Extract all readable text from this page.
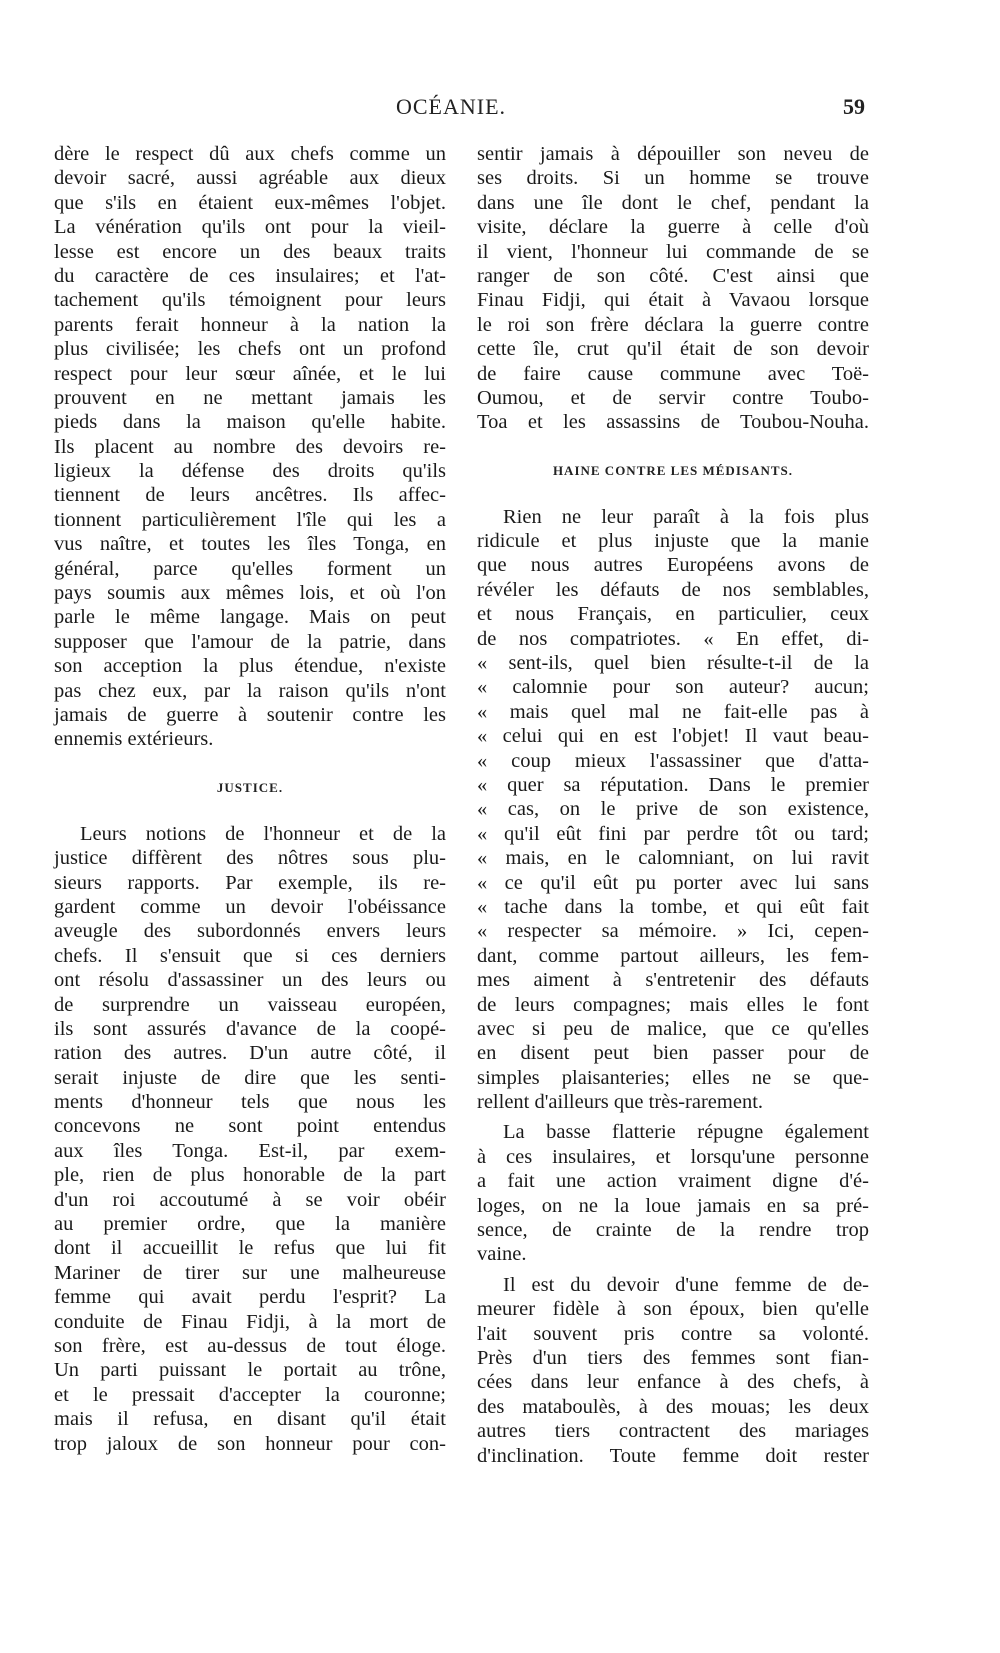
OCÉANIE.	59
dère le respect dû aux chefs comme un
devoir sacré, aussi agréable aux dieux
que s'ils en étaient eux-mêmes l'objet.
La vénération qu'ils ont pour la vieil-
lesse est encore un des beaux traits
du caractère de ces insulaires; et l'at-
tachement qu'ils témoignent pour leurs
parents ferait honneur à la nation la
plus civilisée; les chefs ont un profond
respect pour leur sœur aînée, et le lui
prouvent en ne mettant jamais les
pieds dans la maison qu'elle habite.
Ils placent au nombre des devoirs re-
ligieux la défense des droits qu'ils
tiennent de leurs ancêtres. Ils affec-
tionnent particulièrement l'île qui les a
vus naître, et toutes les îles Tonga, en
général, parce qu'elles forment un
pays soumis aux mêmes lois, et où l'on
parle le même langage. Mais on peut
supposer que l'amour de la patrie, dans
son acception la plus étendue, n'existe
pas chez eux, par la raison qu'ils n'ont
jamais de guerre à soutenir contre les
ennemis extérieurs.
JUSTICE.
Leurs notions de l'honneur et de la
justice diffèrent des nôtres sous plu-
sieurs rapports. Par exemple, ils re-
gardent comme un devoir l'obéissance
aveugle des subordonnés envers leurs
chefs. Il s'ensuit que si ces derniers
ont résolu d'assassiner un des leurs ou
de surprendre un vaisseau européen,
ils sont assurés d'avance de la coopé-
ration des autres. D'un autre côté, il
serait injuste de dire que les senti-
ments d'honneur tels que nous les
concevons ne sont point entendus
aux îles Tonga. Est-il, par exem-
ple, rien de plus honorable de la part
d'un roi accoutumé à se voir obéir
au premier ordre, que la manière
dont il accueillit le refus que lui fit
Mariner de tirer sur une malheureuse
femme qui avait perdu l'esprit? La
conduite de Finau Fidji, à la mort de
son frère, est au-dessus de tout éloge.
Un parti puissant le portait au trône,
et le pressait d'accepter la couronne;
mais il refusa, en disant qu'il était
trop jaloux de son honneur pour con-
sentir jamais à dépouiller son neveu de
ses droits. Si un homme se trouve
dans une île dont le chef, pendant la
visite, déclare la guerre à celle d'où
il vient, l'honneur lui commande de se
ranger de son côté. C'est ainsi que
Finau Fidji, qui était à Vavaou lorsque
le roi son frère déclara la guerre contre
cette île, crut qu'il était de son devoir
de faire cause commune avec Toë-
Oumou, et de servir contre Toubo-
Toa et les assassins de Toubou-Nouha.
HAINE CONTRE LES MÉDISANTS.
Rien ne leur paraît à la fois plus
ridicule et plus injuste que la manie
que nous autres Européens avons de
révéler les défauts de nos semblables,
et nous Français, en particulier, ceux
de nos compatriotes. « En effet, di-
« sent-ils, quel bien résulte-t-il de la
« calomnie pour son auteur? aucun;
« mais quel mal ne fait-elle pas à
« celui qui en est l'objet! Il vaut beau-
« coup mieux l'assassiner que d'atta-
« quer sa réputation. Dans le premier
« cas, on le prive de son existence,
« qu'il eût fini par perdre tôt ou tard;
« mais, en le calomniant, on lui ravit
« ce qu'il eût pu porter avec lui sans
« tache dans la tombe, et qui eût fait
« respecter sa mémoire. » Ici, cepen-
dant, comme partout ailleurs, les fem-
mes aiment à s'entretenir des défauts
de leurs compagnes; mais elles le font
avec si peu de malice, que ce qu'elles
en disent peut bien passer pour de
simples plaisanteries; elles ne se que-
rellent d'ailleurs que très-rarement.
La basse flatterie répugne également
à ces insulaires, et lorsqu'une personne
a fait une action vraiment digne d'é-
loges, on ne la loue jamais en sa pré-
sence, de crainte de la rendre trop
vaine.
Il est du devoir d'une femme de de-
meurer fidèle à son époux, bien qu'elle
l'ait souvent pris contre sa volonté.
Près d'un tiers des femmes sont fian-
cées dans leur enfance à des chefs, à
des mataboulès, à des mouas; les deux
autres tiers contractent des mariages
d'inclination. Toute femme doit rester
